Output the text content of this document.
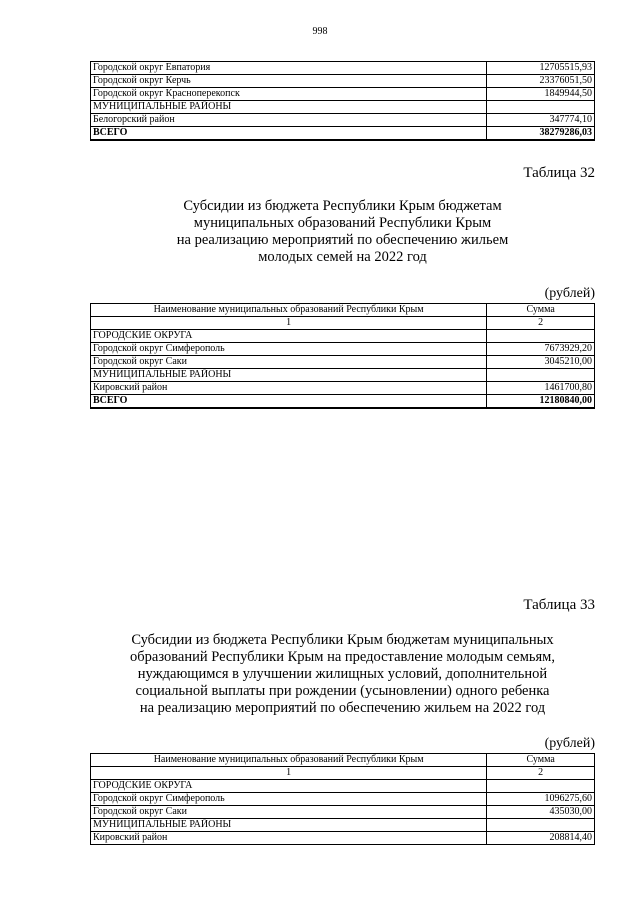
998
Городской округ Евпатория	12705515,93
Городской округ Керчь	23376051,50
Городской округ Красноперекопск	1849944,50
МУНИЦИПАЛЬНЫЕ РАЙОНЫ	
Белогорский район	347774,10
ВСЕГО	38279286,03
Таблица 32
Субсидии из бюджета Республики Крым бюджетам
муниципальных образований Республики Крым
на реализацию мероприятий по обеспечению жильем
молодых семей на 2022 год
(рублей)
Наименование муниципальных образований Республики Крым	Сумма
1	2
ГОРОДСКИЕ ОКРУГА	
Городской округ Симферополь	7673929,20
Городской округ Саки	3045210,00
МУНИЦИПАЛЬНЫЕ РАЙОНЫ	
Кировский район	1461700,80
ВСЕГО	12180840,00
Таблица 33
Субсидии из бюджета Республики Крым бюджетам муниципальных
образований Республики Крым на предоставление молодым семьям,
нуждающимся в улучшении жилищных условий, дополнительной
социальной выплаты при рождении (усыновлении) одного ребенка
на реализацию мероприятий по обеспечению жильем на 2022 год
(рублей)
Наименование муниципальных образований Республики Крым	Сумма
1	2
ГОРОДСКИЕ ОКРУГА	
Городской округ Симферополь	1096275,60
Городской округ Саки	435030,00
МУНИЦИПАЛЬНЫЕ РАЙОНЫ	
Кировский район	208814,40
